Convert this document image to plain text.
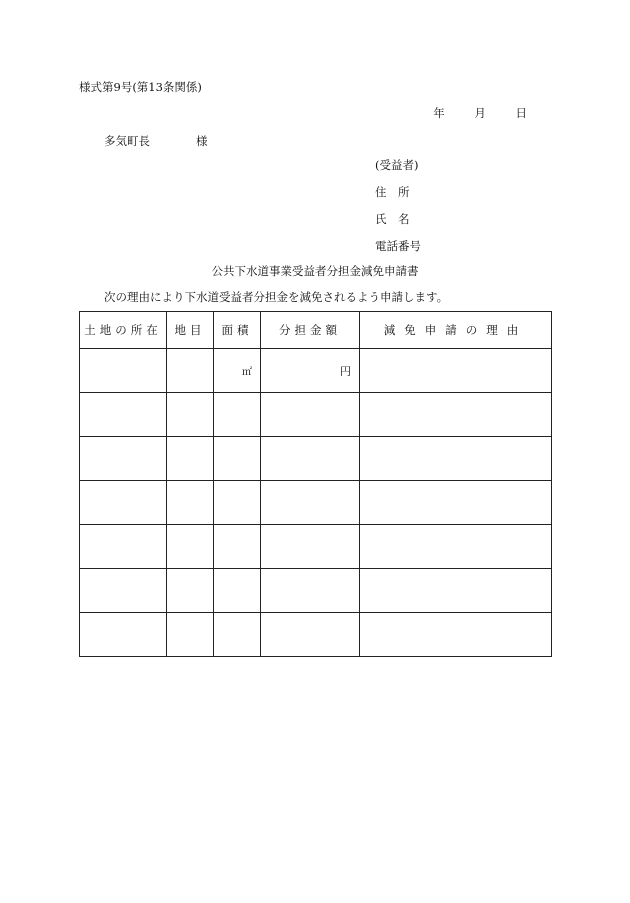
様式第9号(第13条関係)
年	月	日
多気町長	様
(受益者)
住　所
氏　名
電話番号
公共下水道事業受益者分担金減免申請書
次の理由により下水道受益者分担金を減免されるよう申請します。
土地の所在	地目	面積	分担金額	減免申請の理由

		㎡	円	
